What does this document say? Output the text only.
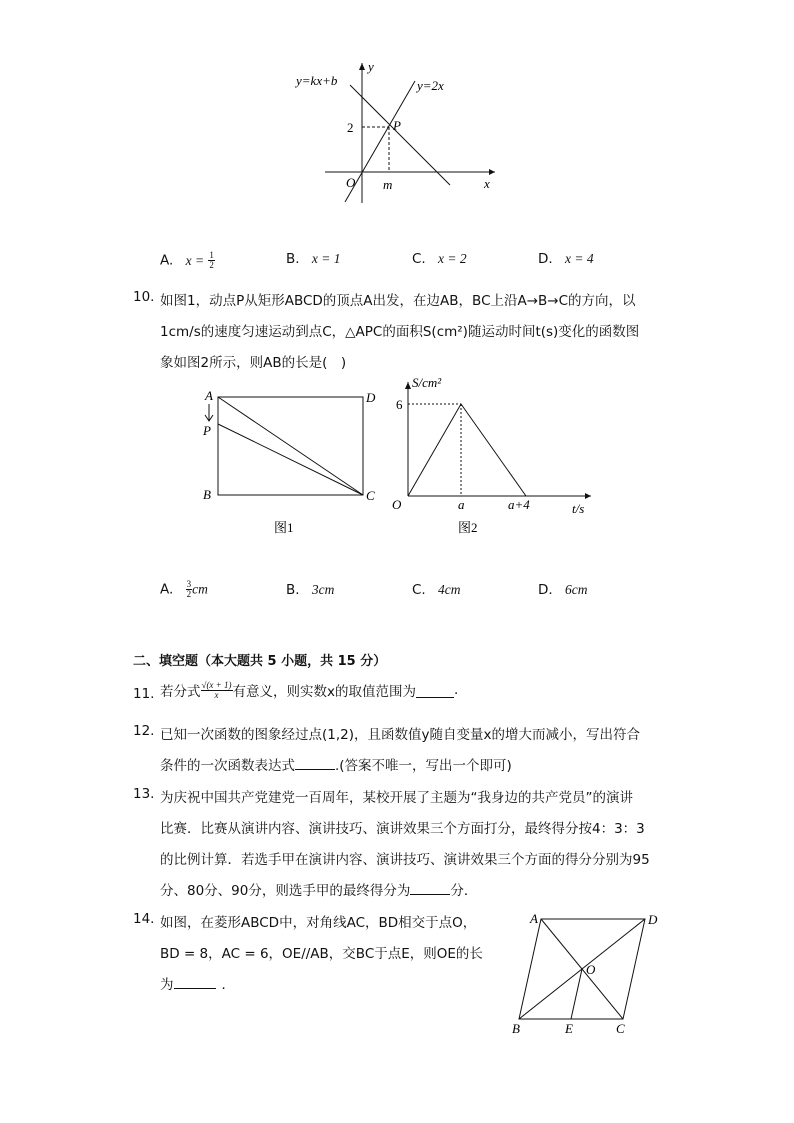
y=kx+b	y=2x
y
x
O
2
m
P
A. $x = \frac{1}{2}$	B. x = 1	C. x = 2	D. x = 4
10. 如图1，动点P从矩形ABCD的顶点A出发，在边AB，BC上沿A→B→C的方向，以
1cm/s的速度匀速运动到点C，△APC的面积S(cm²)随运动时间t(s)变化的函数图
象如图2所示，则AB的长是(　)
A
P
B	C
D
图1
S/cm²
6
O	a	a+4	t/s
图2
A. $\frac{3}{2}$ cm	B. 3cm	C. 4cm	D. 6cm
二、填空题（本大题共 5 小题，共 15 分）
11. 若分式 $\frac{√(x + 1)}{x}$ 有意义，则实数x的取值范围为	.
12. 已知一次函数的图象经过点(1,2)，且函数值y随自变量x的增大而减小，写出符合
条件的一次函数表达式	.(答案不唯一，写出一个即可)
13. 为庆祝中国共产党建党一百周年，某校开展了主题为“我身边的共产党员”的演讲
比赛．比赛从演讲内容、演讲技巧、演讲效果三个方面打分，最终得分按4：3：3
的比例计算．若选手甲在演讲内容、演讲技巧、演讲效果三个方面的得分分别为95
分、80分、90分，则选手甲的最终得分为	分．
14. 如图，在菱形ABCD中，对角线AC，BD相交于点O，
BD = 8，AC = 6，OE//AB，交BC于点E，则OE的长
为	．
A	D
B	E	C
O
